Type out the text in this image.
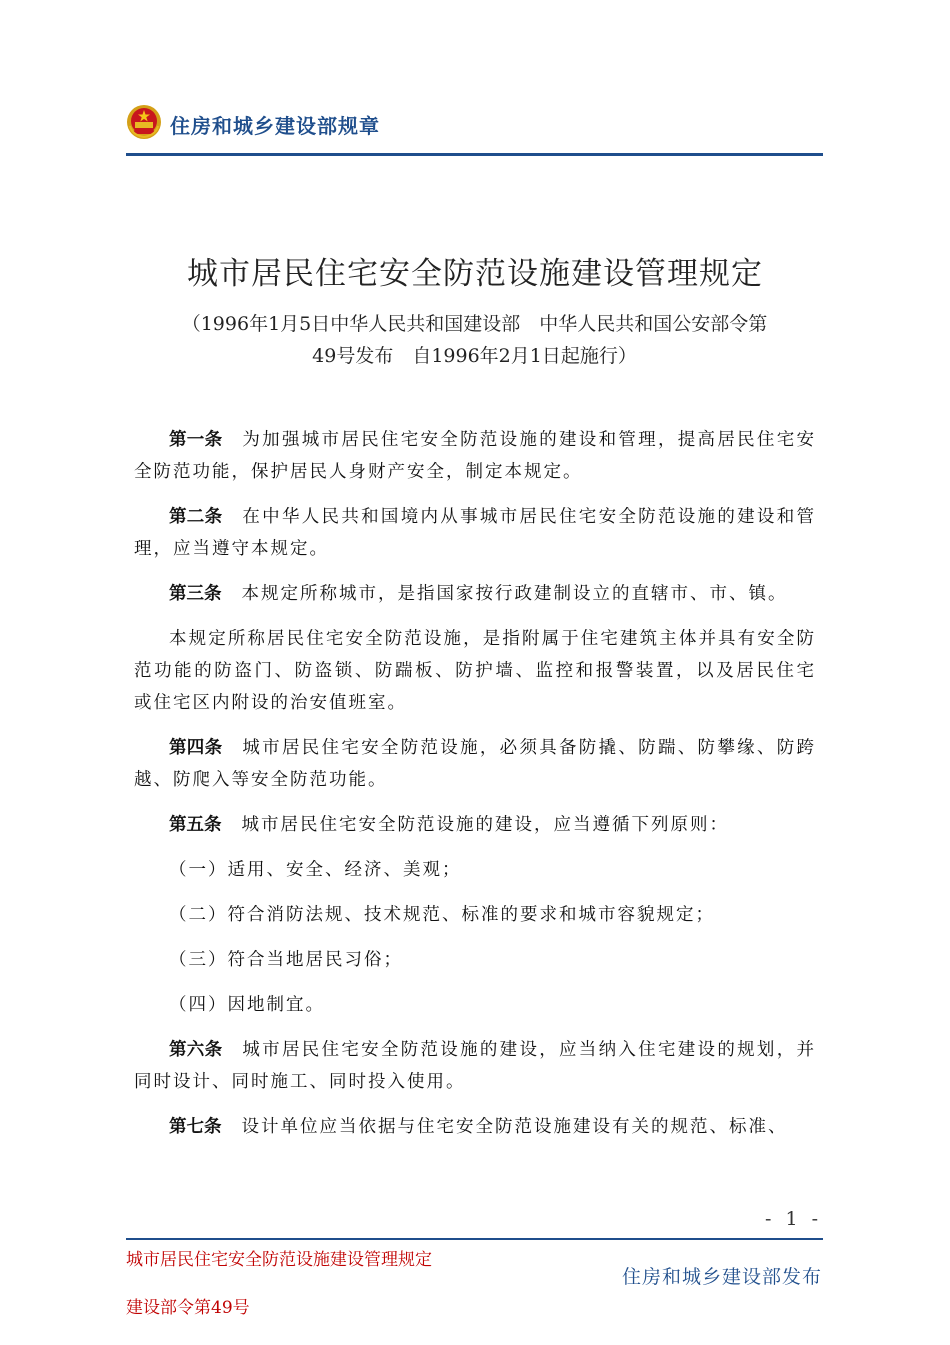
住房和城乡建设部规章
城市居民住宅安全防范设施建设管理规定
（1996年1月5日中华人民共和国建设部　中华人民共和国公安部令第
49号发布　自1996年2月1日起施行）

第一条 为加强城市居民住宅安全防范设施的建设和管理，提高居民住宅安全防范功能，保护居民人身财产安全，制定本规定。

第二条 在中华人民共和国境内从事城市居民住宅安全防范设施的建设和管理，应当遵守本规定。

第三条 本规定所称城市，是指国家按行政建制设立的直辖市、市、镇。

本规定所称居民住宅安全防范设施，是指附属于住宅建筑主体并具有安全防范功能的防盗门、防盗锁、防踹板、防护墙、监控和报警装置，以及居民住宅或住宅区内附设的治安值班室。

第四条 城市居民住宅安全防范设施，必须具备防撬、防踹、防攀缘、防跨越、防爬入等安全防范功能。

第五条 城市居民住宅安全防范设施的建设，应当遵循下列原则：

（一）适用、安全、经济、美观；

（二）符合消防法规、技术规范、标准的要求和城市容貌规定；

（三）符合当地居民习俗；

（四）因地制宜。

第六条 城市居民住宅安全防范设施的建设，应当纳入住宅建设的规划，并同时设计、同时施工、同时投入使用。

第七条 设计单位应当依据与住宅安全防范设施建设有关的规范、标准、

- 1 -
城市居民住宅安全防范设施建设管理规定
建设部令第49号
住房和城乡建设部发布
